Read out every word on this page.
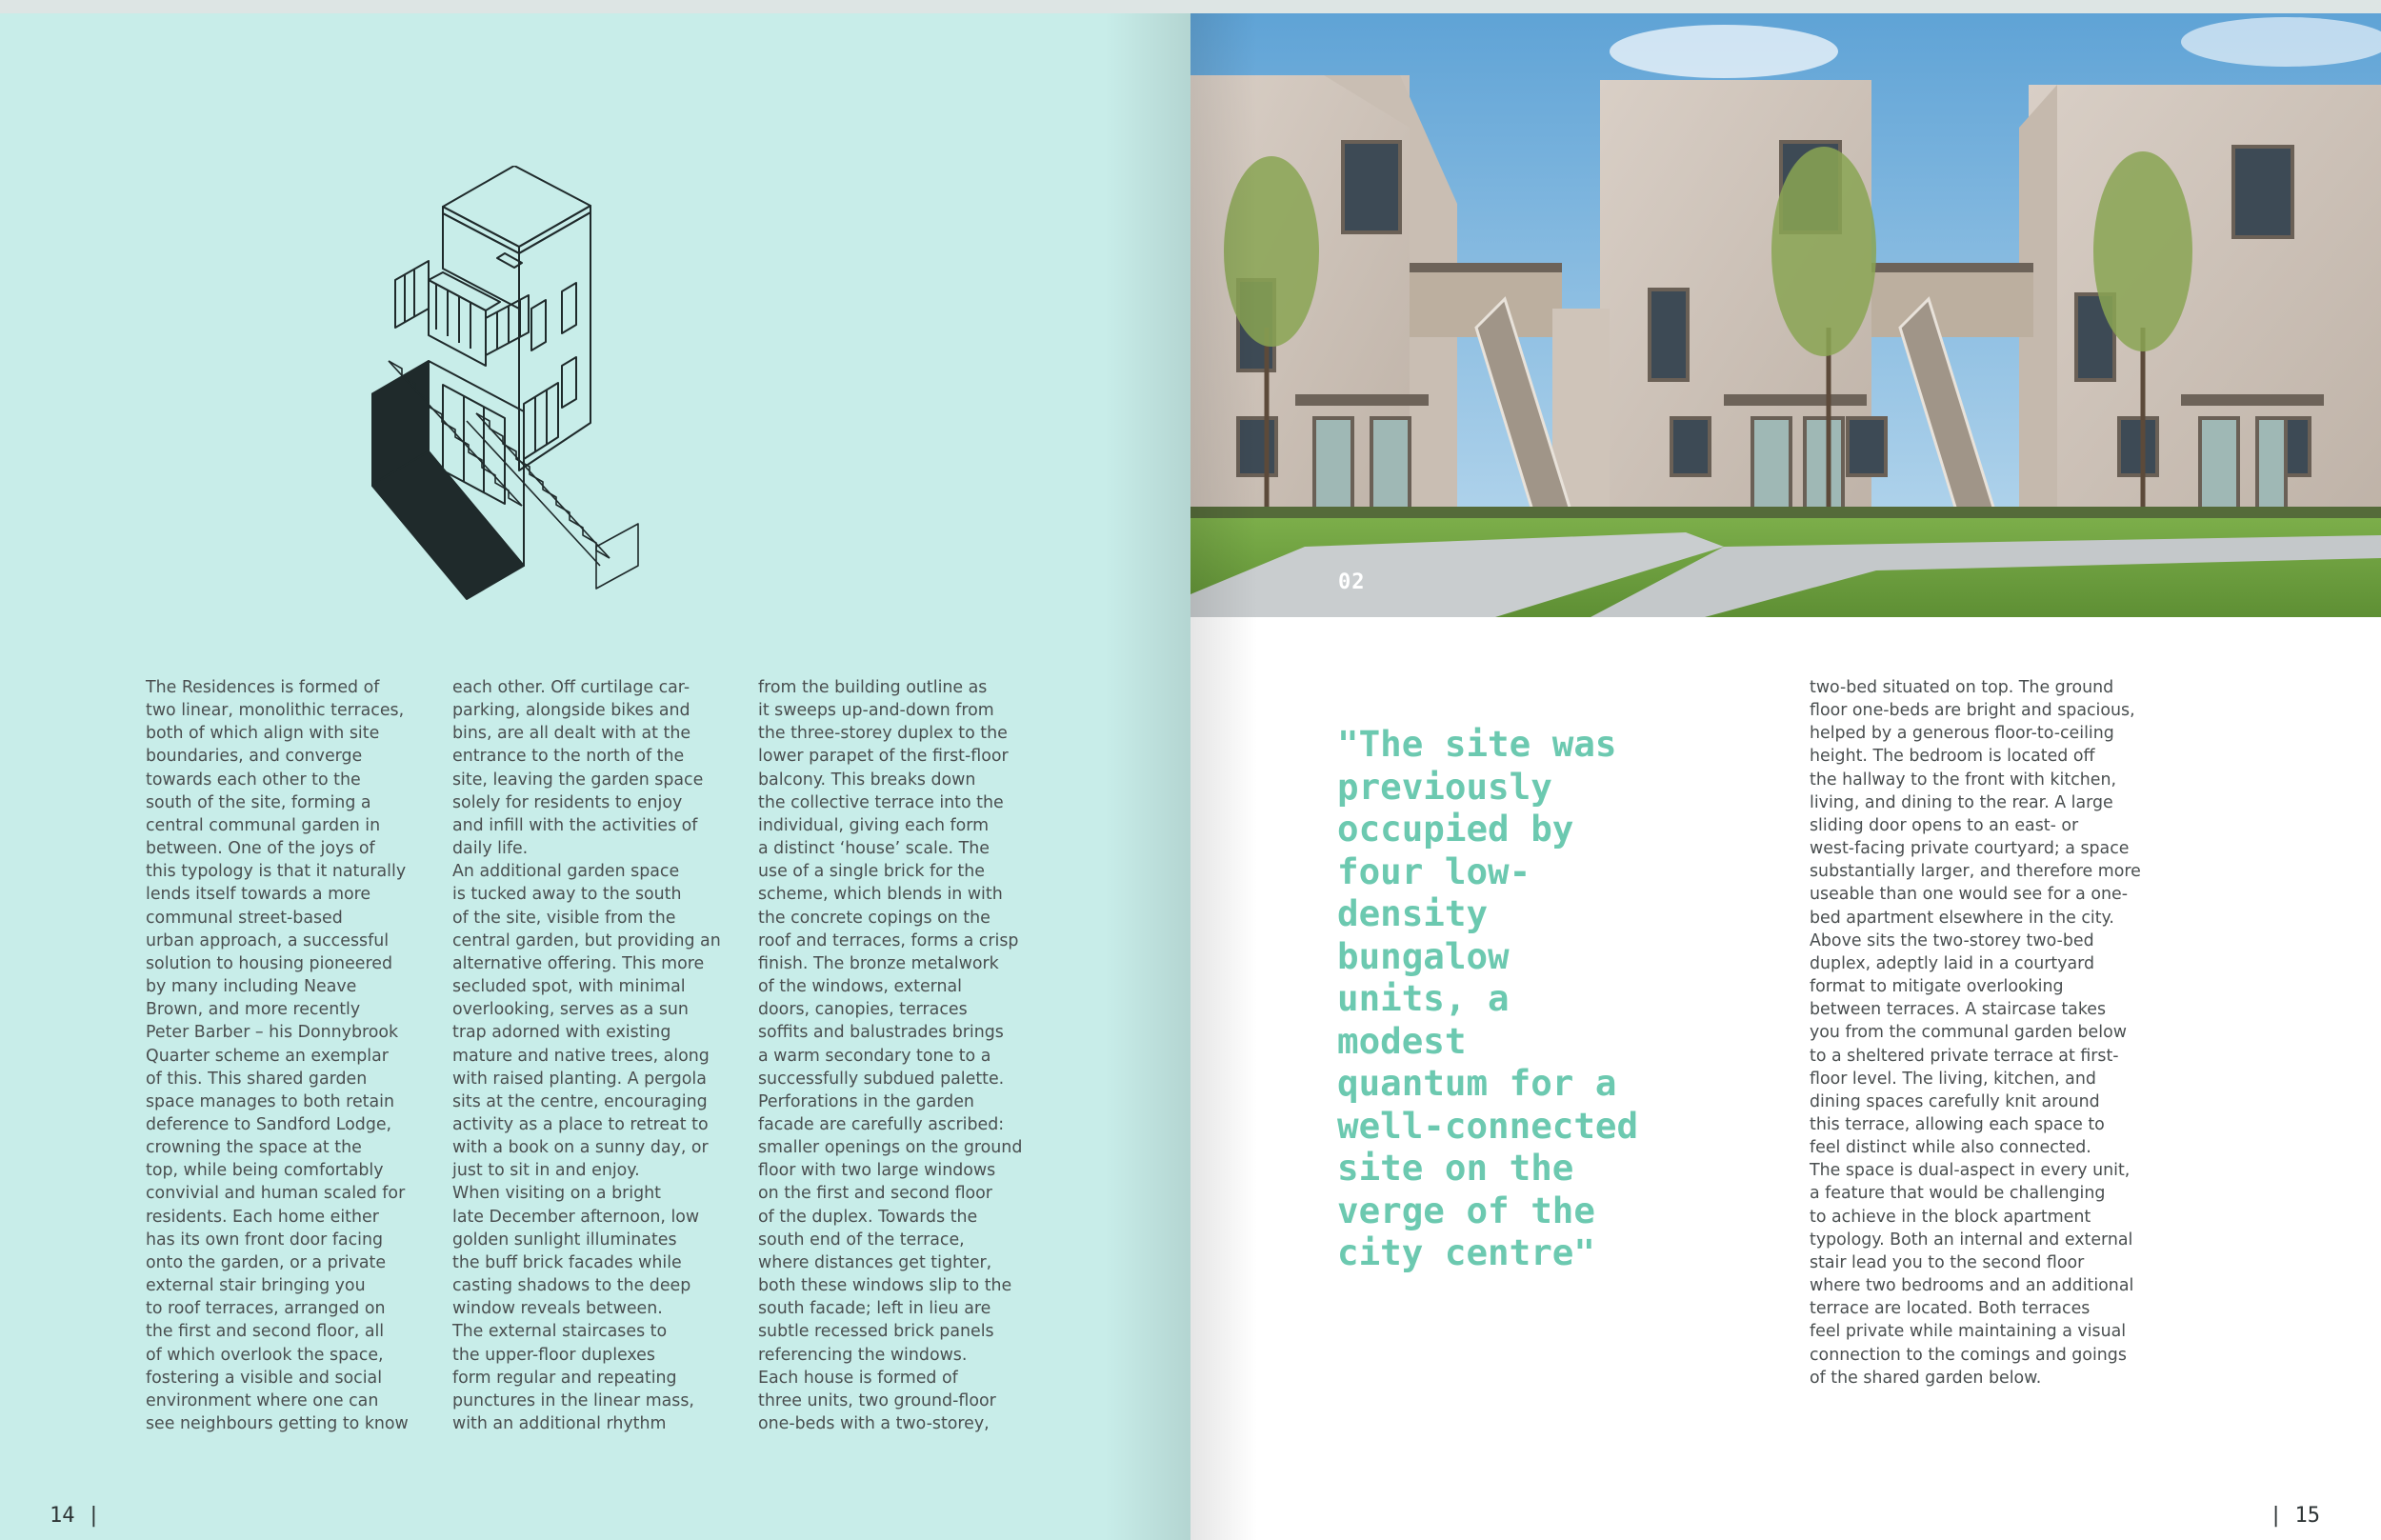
The Residences is formed of
two linear, monolithic terraces,
both of which align with site
boundaries, and converge
towards each other to the
south of the site, forming a
central communal garden in
between. One of the joys of
this typology is that it naturally
lends itself towards a more
communal street-based
urban approach, a successful
solution to housing pioneered
by many including Neave
Brown, and more recently
Peter Barber – his Donnybrook
Quarter scheme an exemplar
of this. This shared garden
space manages to both retain
deference to Sandford Lodge,
crowning the space at the
top, while being comfortably
convivial and human scaled for
residents. Each home either
has its own front door facing
onto the garden, or a private
external stair bringing you
to roof terraces, arranged on
the first and second floor, all
of which overlook the space,
fostering a visible and social
environment where one can
see neighbours getting to know

each other. Off curtilage car-
parking, alongside bikes and
bins, are all dealt with at the
entrance to the north of the
site, leaving the garden space
solely for residents to enjoy
and infill with the activities of
daily life.
An additional garden space
is tucked away to the south
of the site, visible from the
central garden, but providing an
alternative offering. This more
secluded spot, with minimal
overlooking, serves as a sun
trap adorned with existing
mature and native trees, along
with raised planting. A pergola
sits at the centre, encouraging
activity as a place to retreat to
with a book on a sunny day, or
just to sit in and enjoy.
When visiting on a bright
late December afternoon, low
golden sunlight illuminates
the buff brick facades while
casting shadows to the deep
window reveals between.
The external staircases to
the upper-floor duplexes
form regular and repeating
punctures in the linear mass,
with an additional rhythm

from the building outline as
it sweeps up-and-down from
the three-storey duplex to the
lower parapet of the first-floor
balcony. This breaks down
the collective terrace into the
individual, giving each form
a distinct ‘house’ scale. The
use of a single brick for the
scheme, which blends in with
the concrete copings on the
roof and terraces, forms a crisp
finish. The bronze metalwork
of the windows, external
doors, canopies, terraces
soffits and balustrades brings
a warm secondary tone to a
successfully subdued palette.
Perforations in the garden
facade are carefully ascribed:
smaller openings on the ground
floor with two large windows
on the first and second floor
of the duplex. Towards the
south end of the terrace,
where distances get tighter,
both these windows slip to the
south facade; left in lieu are
subtle recessed brick panels
referencing the windows.
Each house is formed of
three units, two ground-floor
one-beds with a two-storey,

14 |
02

"The site was
previously
occupied by
four low-
density
bungalow
units, a
modest
quantum for a
well-connected
site on the
verge of the
city centre"

two-bed situated on top. The ground
floor one-beds are bright and spacious,
helped by a generous floor-to-ceiling
height. The bedroom is located off
the hallway to the front with kitchen,
living, and dining to the rear. A large
sliding door opens to an east- or
west-facing private courtyard; a space
substantially larger, and therefore more
useable than one would see for a one-
bed apartment elsewhere in the city.
Above sits the two-storey two-bed
duplex, adeptly laid in a courtyard
format to mitigate overlooking
between terraces. A staircase takes
you from the communal garden below
to a sheltered private terrace at first-
floor level. The living, kitchen, and
dining spaces carefully knit around
this terrace, allowing each space to
feel distinct while also connected.
The space is dual-aspect in every unit,
a feature that would be challenging
to achieve in the block apartment
typology. Both an internal and external
stair lead you to the second floor
where two bedrooms and an additional
terrace are located. Both terraces
feel private while maintaining a visual
connection to the comings and goings
of the shared garden below.

| 15
